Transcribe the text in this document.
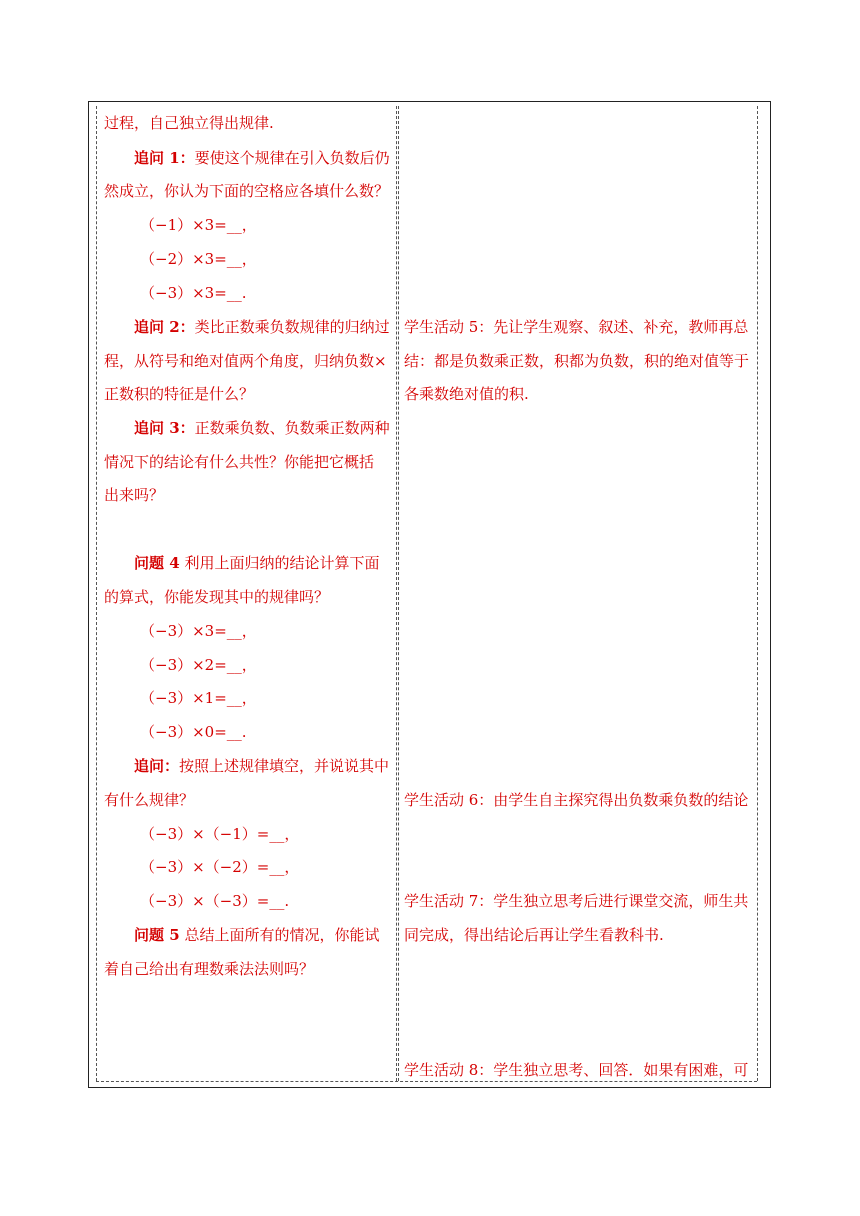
过程，自己独立得出规律.
追问 1：要使这个规律在引入负数后仍
然成立，你认为下面的空格应各填什么数？
（−1）×3=__，
（−2）×3=__，
（−3）×3=__.
追问 2：类比正数乘负数规律的归纳过
程，从符号和绝对值两个角度，归纳负数×
正数积的特征是什么？
追问 3：正数乘负数、负数乘正数两种
情况下的结论有什么共性？你能把它概括
出来吗？
问题 4 利用上面归纳的结论计算下面
的算式，你能发现其中的规律吗？
（−3）×3=__，
（−3）×2=__，
（−3）×1=__，
（−3）×0=__.
追问：按照上述规律填空，并说说其中
有什么规律？
（−3）×（−1）=__，
（−3）×（−2）=__，
（−3）×（−3）=__.
问题 5 总结上面所有的情况，你能试
着自己给出有理数乘法法则吗？
学生活动 5：先让学生观察、叙述、补充，教师再总
结：都是负数乘正数，积都为负数，积的绝对值等于
各乘数绝对值的积.
学生活动 6：由学生自主探究得出负数乘负数的结论
学生活动 7：学生独立思考后进行课堂交流，师生共
同完成，得出结论后再让学生看教科书.
学生活动 8：学生独立思考、回答．如果有困难，可
